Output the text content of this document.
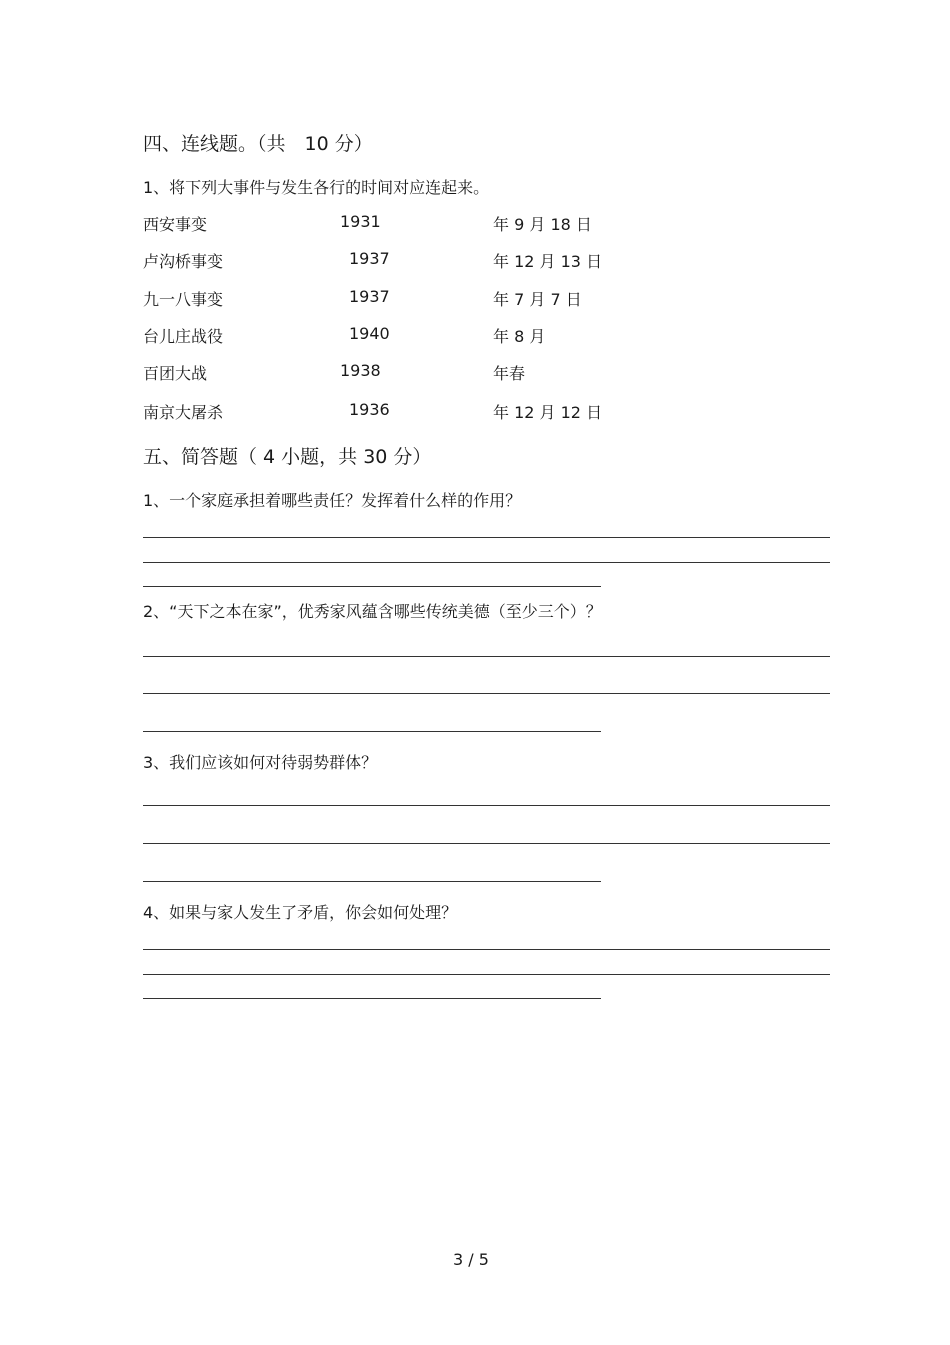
四、连线题。（共　10 分）
1、将下列大事件与发生各行的时间对应连起来。
西安事变	1931	年 9 月 18 日
卢沟桥事变	1937	年 12 月 13 日
九一八事变	1937	年 7 月 7 日
台儿庄战役	1940	年 8 月
百团大战	1938	年春
南京大屠杀	1936	年 12 月 12 日
五、简答题（ 4 小题，共 30 分）
1、一个家庭承担着哪些责任？发挥着什么样的作用？
2、“天下之本在家”，优秀家风蕴含哪些传统美德（至少三个）？
3、我们应该如何对待弱势群体？
4、如果与家人发生了矛盾，你会如何处理？
3 / 5
